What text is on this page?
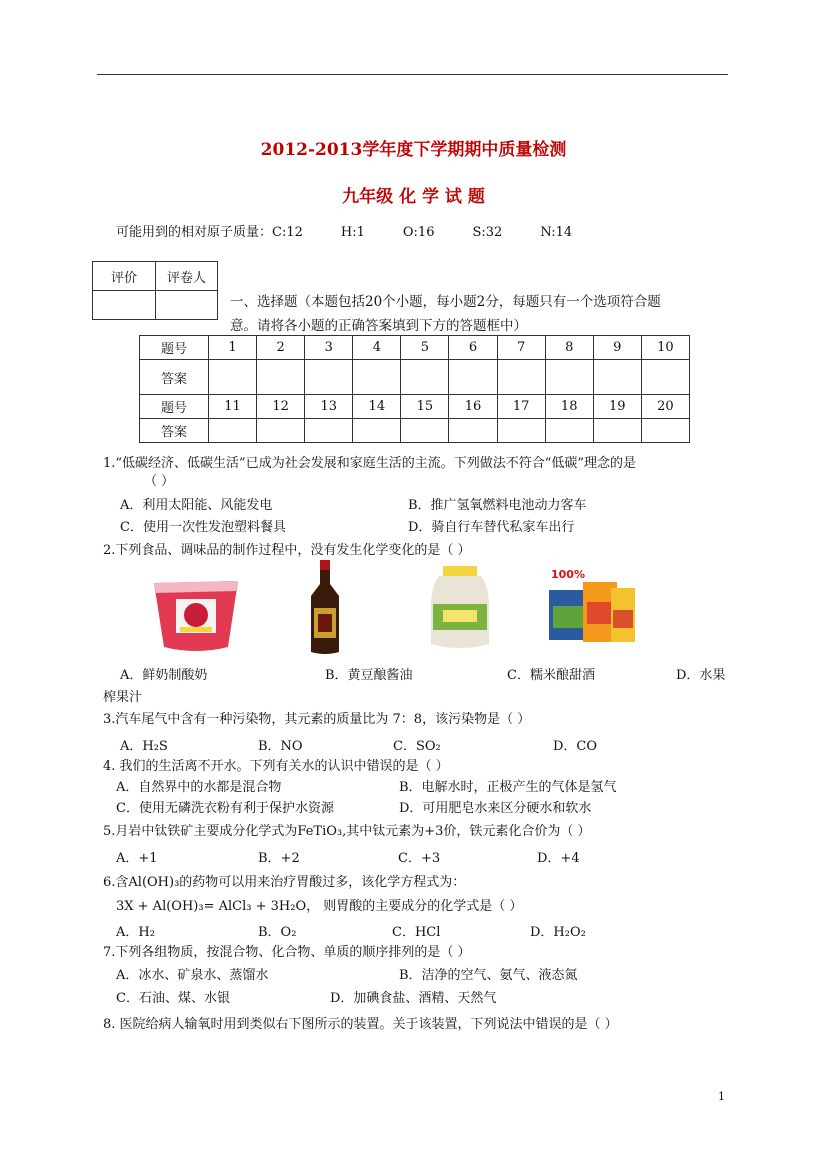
2012-2013学年度下学期期中质量检测
九年级 化 学 试 题
可能用到的相对原子质量：C:12	H:1	O:16	S:32	N:14
评价	评卷人

一、选择题（本题包括20个小题，每小题2分，每题只有一个选项符合题
意。请将各小题的正确答案填到下方的答题框中）
题号	1	2	3	4	5	6	7	8	9	10
答案										
题号	11	12	13	14	15	16	17	18	19	20
答案										
1.“低碳经济、低碳生活”已成为社会发展和家庭生活的主流。下列做法不符合“低碳”理念的是
（ ）
A．利用太阳能、风能发电	B．推广氢氧燃料电池动力客车
C．使用一次性发泡塑料餐具	D．骑自行车替代私家车出行
2.下列食品、调味品的制作过程中，没有发生化学变化的是（ ）
100%
A．鲜奶制酸奶	B．黄豆酿酱油	C．糯米酿甜酒	D．水果
榨果汁
3.汽车尾气中含有一种污染物，其元素的质量比为 7：8，该污染物是（ ）
A．H₂S	B．NO	C．SO₂	D．CO
4. 我们的生活离不开水。下列有关水的认识中错误的是（ ）
A．自然界中的水都是混合物	B．电解水时，正极产生的气体是氢气
C．使用无磷洗衣粉有利于保护水资源	D．可用肥皂水来区分硬水和软水
5.月岩中钛铁矿主要成分化学式为FeTiO₃,其中钛元素为+3价，铁元素化合价为（ ）
A．+1	B．+2	C．+3	D．+4
6.含Al(OH)₃的药物可以用来治疗胃酸过多，该化学方程式为：
3X + Al(OH)₃= AlCl₃ + 3H₂O， 则胃酸的主要成分的化学式是（ ）
A．H₂	B．O₂	C．HCl	D．H₂O₂
7.下列各组物质，按混合物、化合物、单质的顺序排列的是（ ）
A．冰水、矿泉水、蒸馏水	B．洁净的空气、氨气、液态氮
C．石油、煤、水银	D．加碘食盐、酒精、天然气
8. 医院给病人输氧时用到类似右下图所示的装置。关于该装置，下列说法中错误的是（ ）
1
